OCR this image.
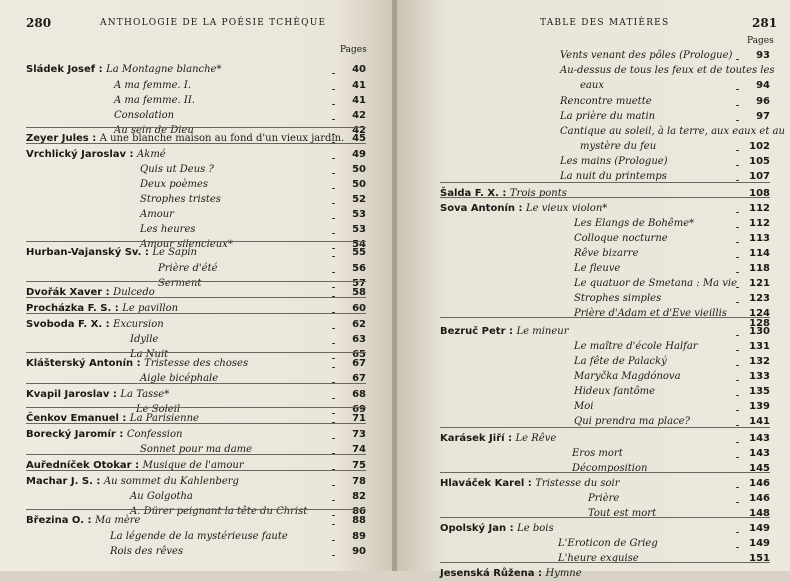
280	ANTHOLOGIE DE LA POÉSIE TCHÈQUE
Pages
Sládek Josef : La Montagne blanche*	40
A ma femme. I.	41
A ma femme. II.	41
Consolation	42
Au sein de Dieu	42
Zeyer Jules : A une blanche maison au fond d'un vieux jardin. 45
Vrchlický Jaroslav : Akmé	49
Quis ut Deus ?	50
Deux poèmes	50
Strophes tristes	52
Amour	53
Les heures	53
Amour silencieux*	54
Hurban-Vajanský Sv. : Le Sapin	55
Prière d'été	56
Serment	57
Dvořák Xaver : Dulcedo	58
Procházka F. S. : Le pavillon	60
Svoboda F. X. : Excursion	62
Idylle	63
La Nuit	65
Klášterský Antonín : Tristesse des choses	67
Aigle bicéphale	67
Kvapil Jaroslav : La Tasse*	68
Le Soleil	69
Čenkov Emanuel : La Parisienne	71
Borecký Jaromír : Confession	73
Sonnet pour ma dame	74
Auředníček Otokar : Musique de l'amour	75
Machar J. S. : Au sommet du Kahlenberg	78
Au Golgotha	82
A. Dürer peignant la tête du Christ	86
Březina O. : Ma mère	88
La légende de la mystérieuse faute	89
Rois des rêves	90
TABLE DES MATIÈRES	281
Pages
Vents venant des pôles (Prologue)	93
Au-dessus de tous les feux et de toutes les
eaux	94
Rencontre muette	96
La prière du matin	97
Cantique au soleil, à la terre, aux eaux et au
mystère du feu	102
Les mains (Prologue)	105
La nuit du printemps	107
Šalda F. X. : Trois ponts	108
Sova Antonín : Le vieux violon*	112
Les Elangs de Bohême*	112
Colloque nocturne	113
Rêve bizarre	114
Le fleuve	118
Le quatuor de Smetana : Ma vie	121
Strophes simples	123
Prière d'Adam et d'Eve vieillis	124
128
Bezruč Petr : Le mineur	130
Le maître d'école Halfar	131
La fête de Palacký	132
Maryčka Magdónova	133
Hideux fantôme	135
Moi	139
Qui prendra ma place?	141
Karásek Jiří : Le Rêve	143
Eros mort	143
Décomposition	145
Hlaváček Karel : Tristesse du soir	146
Prière	146
Tout est mort	148
Opolský Jan : Le bois	149
L'Eroticon de Grieg	149
L'heure exquise	151
Jesenská Růžena : Hymne
